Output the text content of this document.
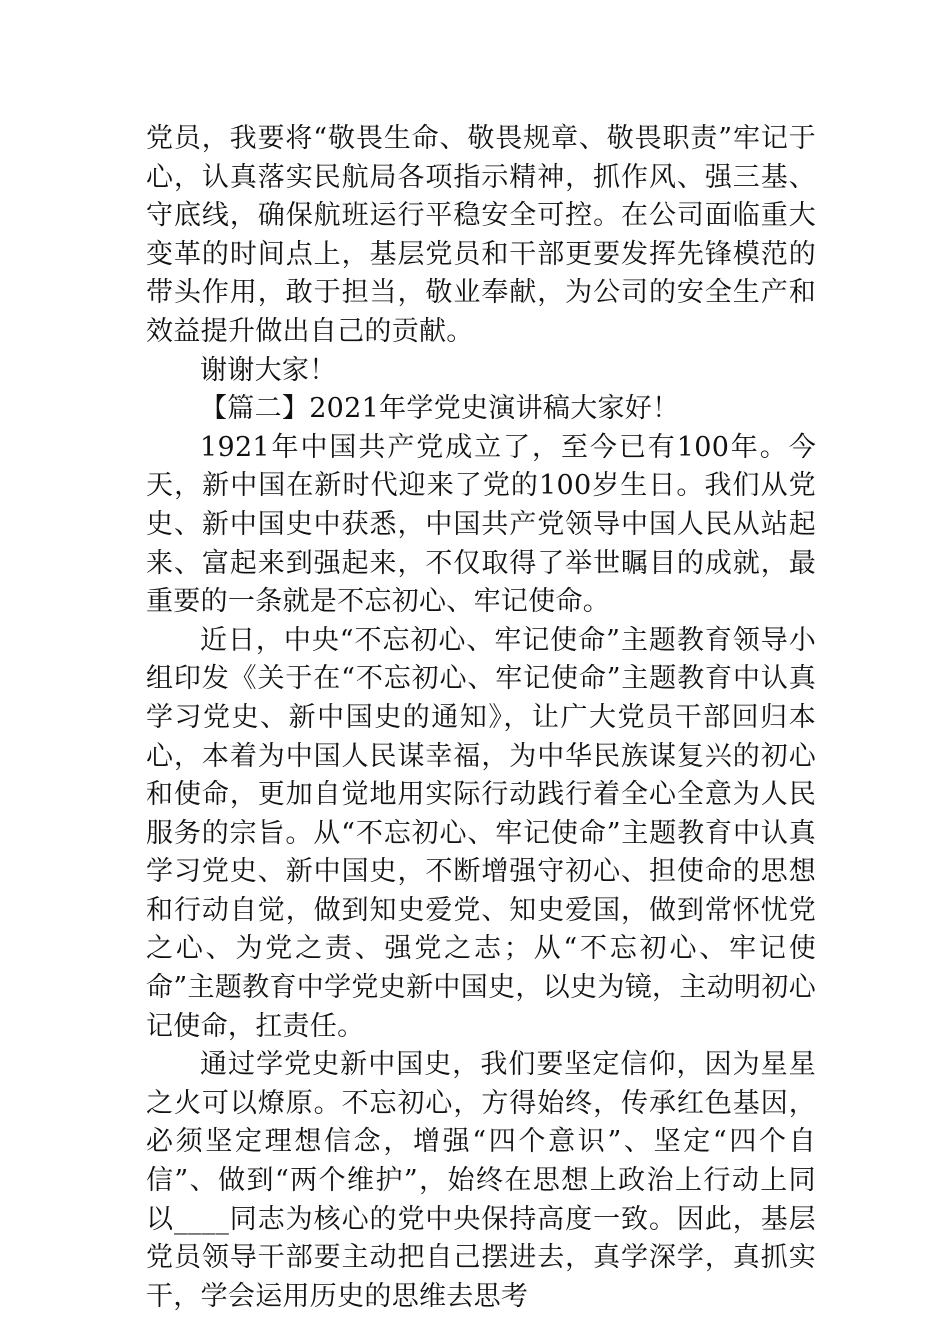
党员，我要将“敬畏生命、敬畏规章、敬畏职责”牢记于心，认真落实民航局各项指示精神，抓作风、强三基、守底线，确保航班运行平稳安全可控。在公司面临重大变革的时间点上，基层党员和干部更要发挥先锋模范的带头作用，敢于担当，敬业奉献，为公司的安全生产和效益提升做出自己的贡献。

谢谢大家！

【篇二】2021年学党史演讲稿大家好！

1921年中国共产党成立了，至今已有100年。今天，新中国在新时代迎来了党的100岁生日。我们从党史、新中国史中获悉，中国共产党领导中国人民从站起来、富起来到强起来，不仅取得了举世瞩目的成就，最重要的一条就是不忘初心、牢记使命。

近日，中央“不忘初心、牢记使命”主题教育领导小组印发《关于在“不忘初心、牢记使命”主题教育中认真学习党史、新中国史的通知》，让广大党员干部回归本心，本着为中国人民谋幸福，为中华民族谋复兴的初心和使命，更加自觉地用实际行动践行着全心全意为人民服务的宗旨。从“不忘初心、牢记使命”主题教育中认真学习党史、新中国史，不断增强守初心、担使命的思想和行动自觉，做到知史爱党、知史爱国，做到常怀忧党之心、为党之责、强党之志；从“不忘初心、牢记使命”主题教育中学党史新中国史，以史为镜，主动明初心记使命，扛责任。

通过学党史新中国史，我们要坚定信仰，因为星星之火可以燎原。不忘初心，方得始终，传承红色基因，必须坚定理想信念，增强“四个意识”、坚定“四个自信”、做到“两个维护”，始终在思想上政治上行动上同以____同志为核心的党中央保持高度一致。因此，基层党员领导干部要主动把自己摆进去，真学深学，真抓实干，学会运用历史的思维去思考
